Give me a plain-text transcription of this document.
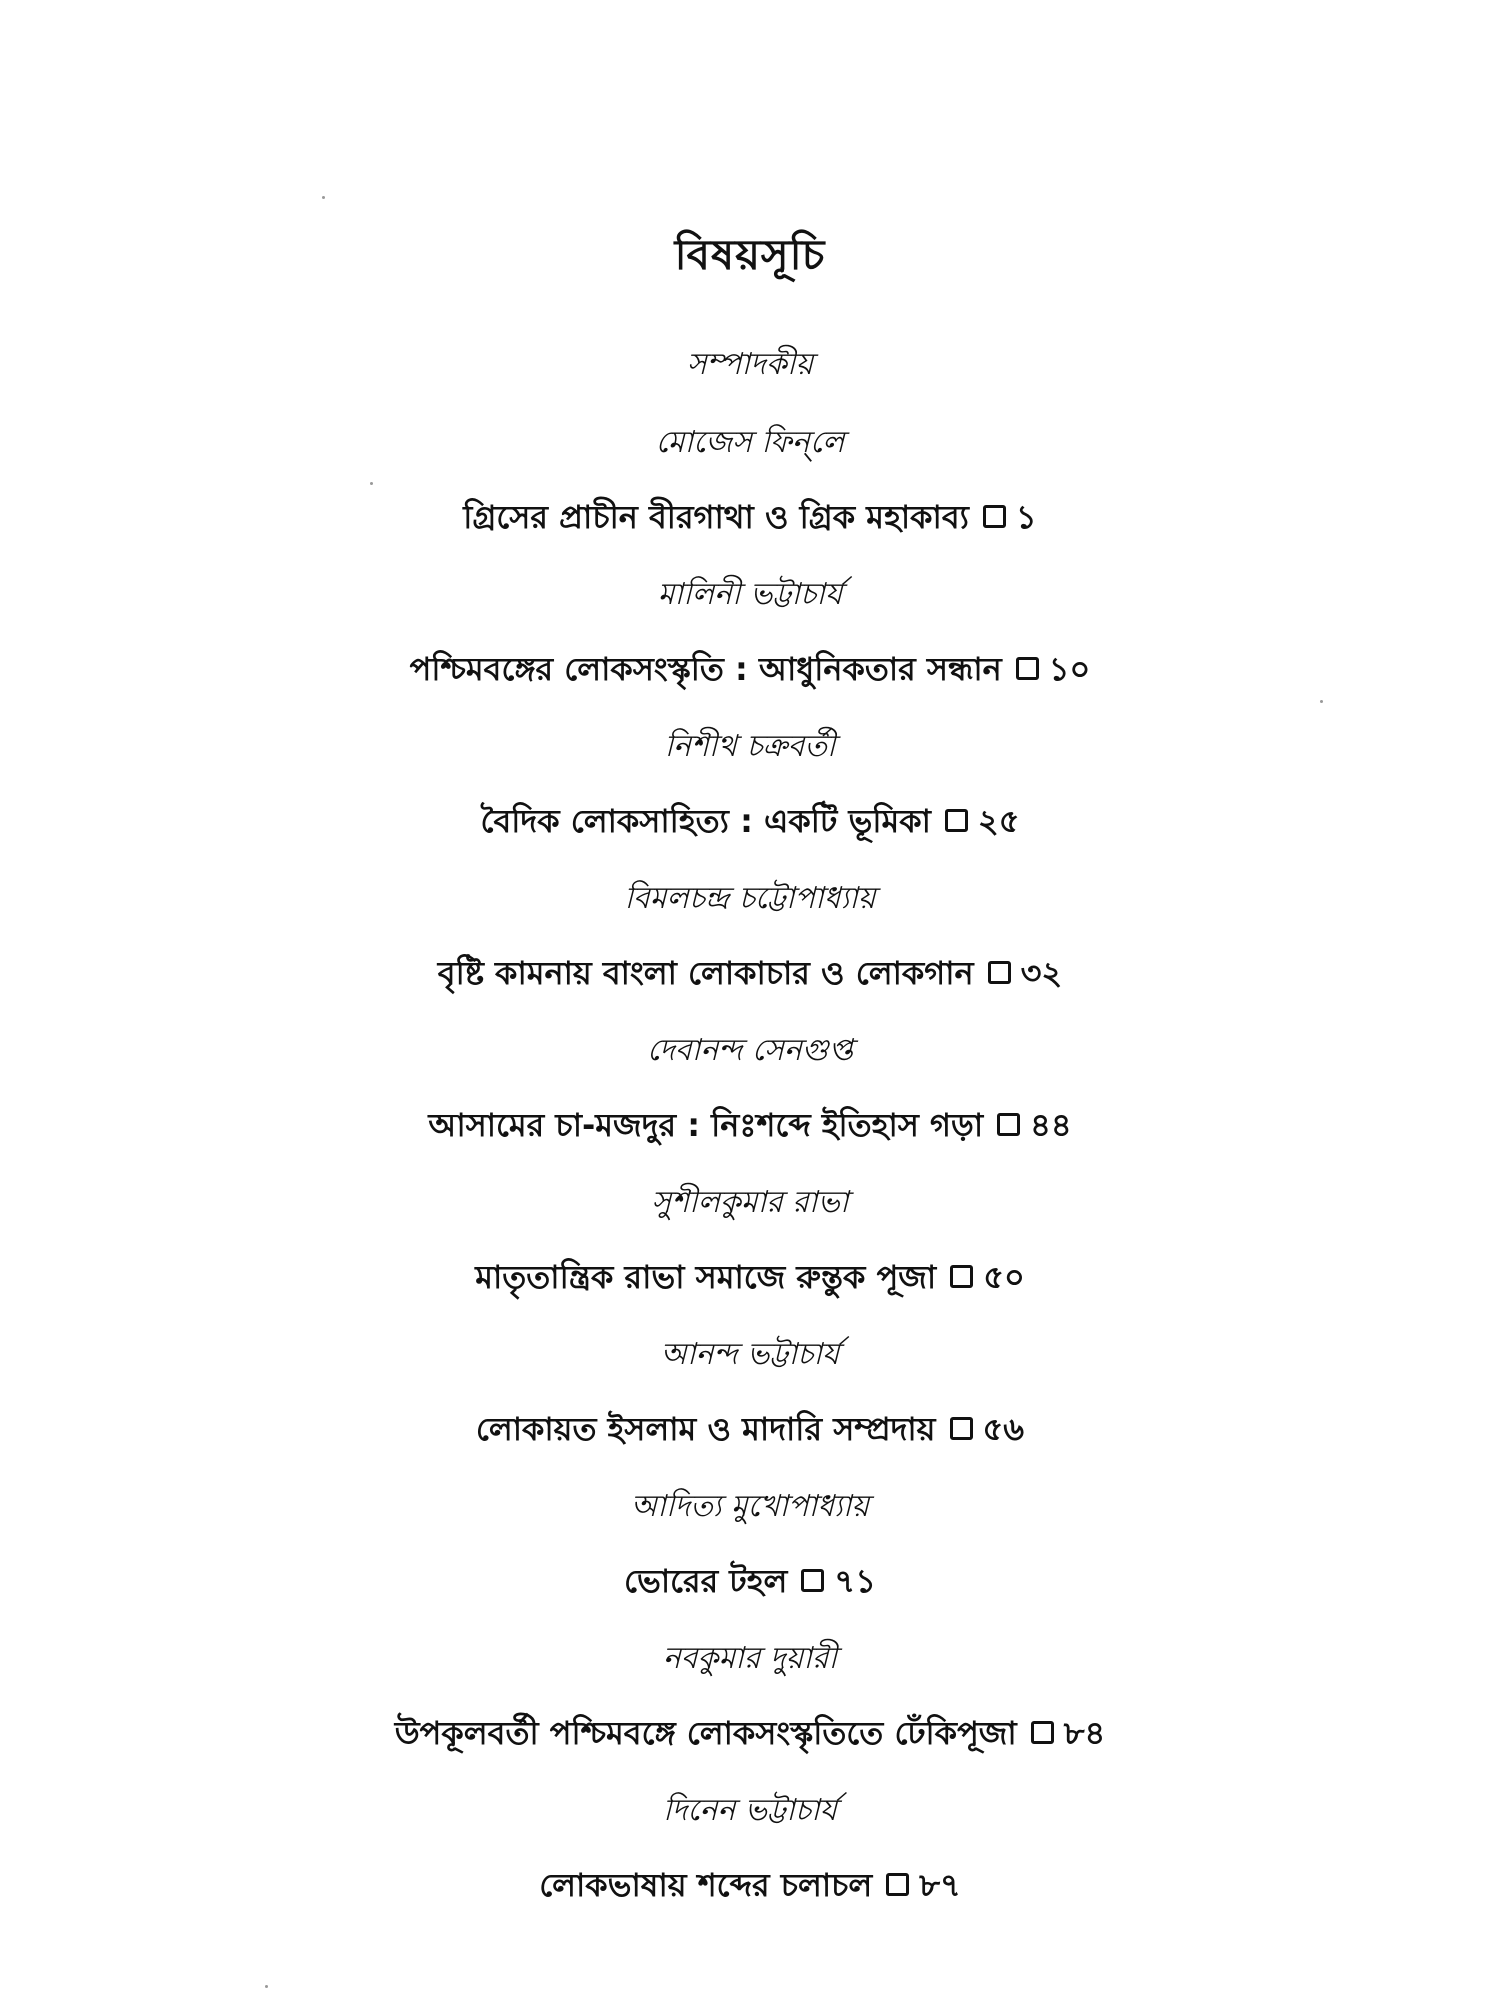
বিষয়সূচি
সম্পাদকীয়
মোজেস ফিন্‌লে
গ্রিসের প্রাচীন বীরগাথা ও গ্রিক মহাকাব্য ১
মালিনী ভট্টাচার্য
পশ্চিমবঙ্গের লোকসংস্কৃতি : আধুনিকতার সন্ধান ১০
নিশীথ চক্রবর্তী
বৈদিক লোকসাহিত্য : একটি ভূমিকা ২৫
বিমলচন্দ্র চট্টোপাধ্যায়
বৃষ্টি কামনায় বাংলা লোকাচার ও লোকগান ৩২
দেবানন্দ সেনগুপ্ত
আসামের চা-মজদুর : নিঃশব্দে ইতিহাস গড়া ৪৪
সুশীলকুমার রাভা
মাতৃতান্ত্রিক রাভা সমাজে রুন্তুক পূজা ৫০
আনন্দ ভট্টাচার্য
লোকায়ত ইসলাম ও মাদারি সম্প্রদায় ৫৬
আদিত্য মুখোপাধ্যায়
ভোরের টহল ৭১
নবকুমার দুয়ারী
উপকূলবর্তী পশ্চিমবঙ্গে লোকসংস্কৃতিতে ঢেঁকিপূজা ৮৪
দিনেন ভট্টাচার্য
লোকভাষায় শব্দের চলাচল ৮৭
